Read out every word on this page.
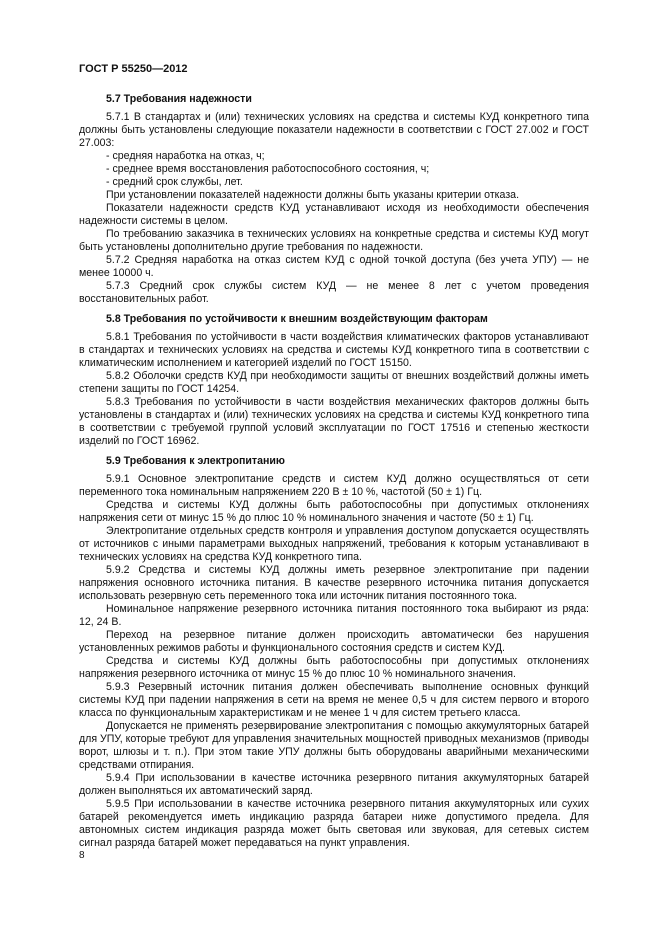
ГОСТ Р 55250—2012
5.7 Требования надежности

5.7.1 В стандартах и (или) технических условиях на средства и системы КУД конкретного типа должны быть установлены следующие показатели надежности в соответствии с ГОСТ 27.002 и ГОСТ 27.003:

- средняя наработка на отказ, ч;

- среднее время восстановления работоспособного состояния, ч;

- средний срок службы, лет.

При установлении показателей надежности должны быть указаны критерии отказа.

Показатели надежности средств КУД устанавливают исходя из необходимости обеспечения надежности системы в целом.

По требованию заказчика в технических условиях на конкретные средства и системы КУД могут быть установлены дополнительно другие требования по надежности.

5.7.2 Средняя наработка на отказ систем КУД с одной точкой доступа (без учета УПУ) — не менее 10000 ч.

5.7.3 Средний срок службы систем КУД — не менее 8 лет с учетом проведения восстановительных работ.

5.8 Требования по устойчивости к внешним воздействующим факторам

5.8.1 Требования по устойчивости в части воздействия климатических факторов устанавливают в стандартах и технических условиях на средства и системы КУД конкретного типа в соответствии с климатическим исполнением и категорией изделий по ГОСТ 15150.

5.8.2 Оболочки средств КУД при необходимости защиты от внешних воздействий должны иметь степени защиты по ГОСТ 14254.

5.8.3 Требования по устойчивости в части воздействия механических факторов должны быть установлены в стандартах и (или) технических условиях на средства и системы КУД конкретного типа в соответствии с требуемой группой условий эксплуатации по ГОСТ 17516 и степенью жесткости изделий по ГОСТ 16962.

5.9 Требования к электропитанию

5.9.1 Основное электропитание средств и систем КУД должно осуществляться от сети переменного тока номинальным напряжением 220 В ± 10 %, частотой (50 ± 1) Гц.

Средства и системы КУД должны быть работоспособны при допустимых отклонениях напряжения сети от минус 15 % до плюс 10 % номинального значения и частоте (50 ± 1) Гц.

Электропитание отдельных средств контроля и управления доступом допускается осуществлять от источников с иными параметрами выходных напряжений, требования к которым устанавливают в технических условиях на средства КУД конкретного типа.

5.9.2 Средства и системы КУД должны иметь резервное электропитание при падении напряжения основного источника питания. В качестве резервного источника питания допускается использовать резервную сеть переменного тока или источник питания постоянного тока.

Номинальное напряжение резервного источника питания постоянного тока выбирают из ряда: 12, 24 В.

Переход на резервное питание должен происходить автоматически без нарушения установленных режимов работы и функционального состояния средств и систем КУД.

Средства и системы КУД должны быть работоспособны при допустимых отклонениях напряжения резервного источника от минус 15 % до плюс 10 % номинального значения.

5.9.3 Резервный источник питания должен обеспечивать выполнение основных функций системы КУД при падении напряжения в сети на время не менее 0,5 ч для систем первого и второго класса по функциональным характеристикам и не менее 1 ч для систем третьего класса.

Допускается не применять резервирование электропитания с помощью аккумуляторных батарей для УПУ, которые требуют для управления значительных мощностей приводных механизмов (приводы ворот, шлюзы и т. п.). При этом такие УПУ должны быть оборудованы аварийными механическими средствами отпирания.

5.9.4 При использовании в качестве источника резервного питания аккумуляторных батарей должен выполняться их автоматический заряд.

5.9.5 При использовании в качестве источника резервного питания аккумуляторных или сухих батарей рекомендуется иметь индикацию разряда батареи ниже допустимого предела. Для автономных систем индикация разряда может быть световая или звуковая, для сетевых систем сигнал разряда батарей может передаваться на пункт управления.

8
